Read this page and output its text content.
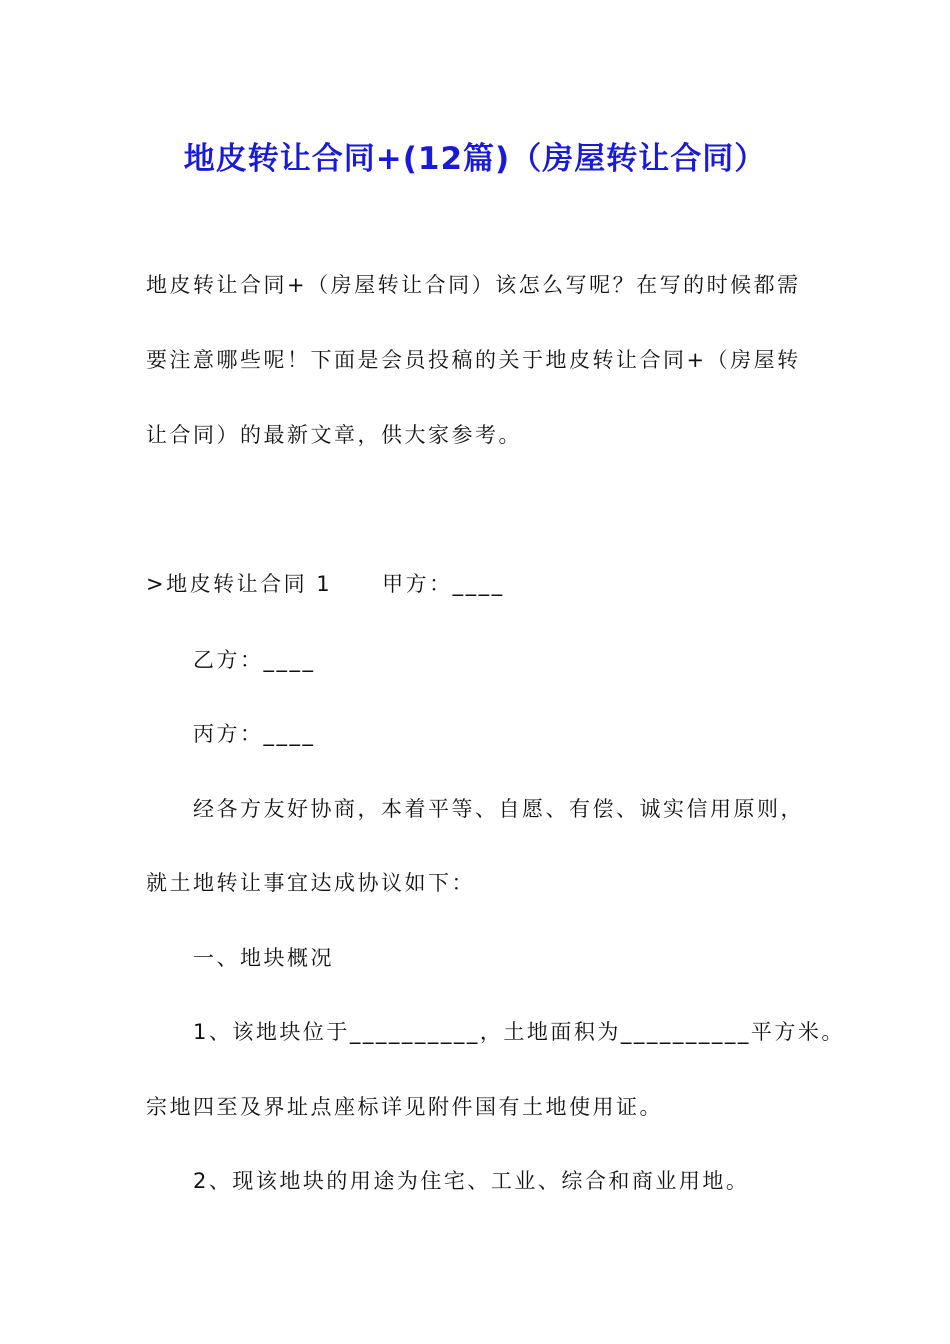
地皮转让合同+(12篇)（房屋转让合同）
地皮转让合同+（房屋转让合同）该怎么写呢？在写的时候都需
要注意哪些呢！下面是会员投稿的关于地皮转让合同+（房屋转
让合同）的最新文章，供大家参考。
>地皮转让合同 1 甲方：____
乙方：____
丙方：____
经各方友好协商，本着平等、自愿、有偿、诚实信用原则，
就土地转让事宜达成协议如下：
一、地块概况
1、该地块位于__________，土地面积为__________平方米。
宗地四至及界址点座标详见附件国有土地使用证。
2、现该地块的用途为住宅、工业、综合和商业用地。
